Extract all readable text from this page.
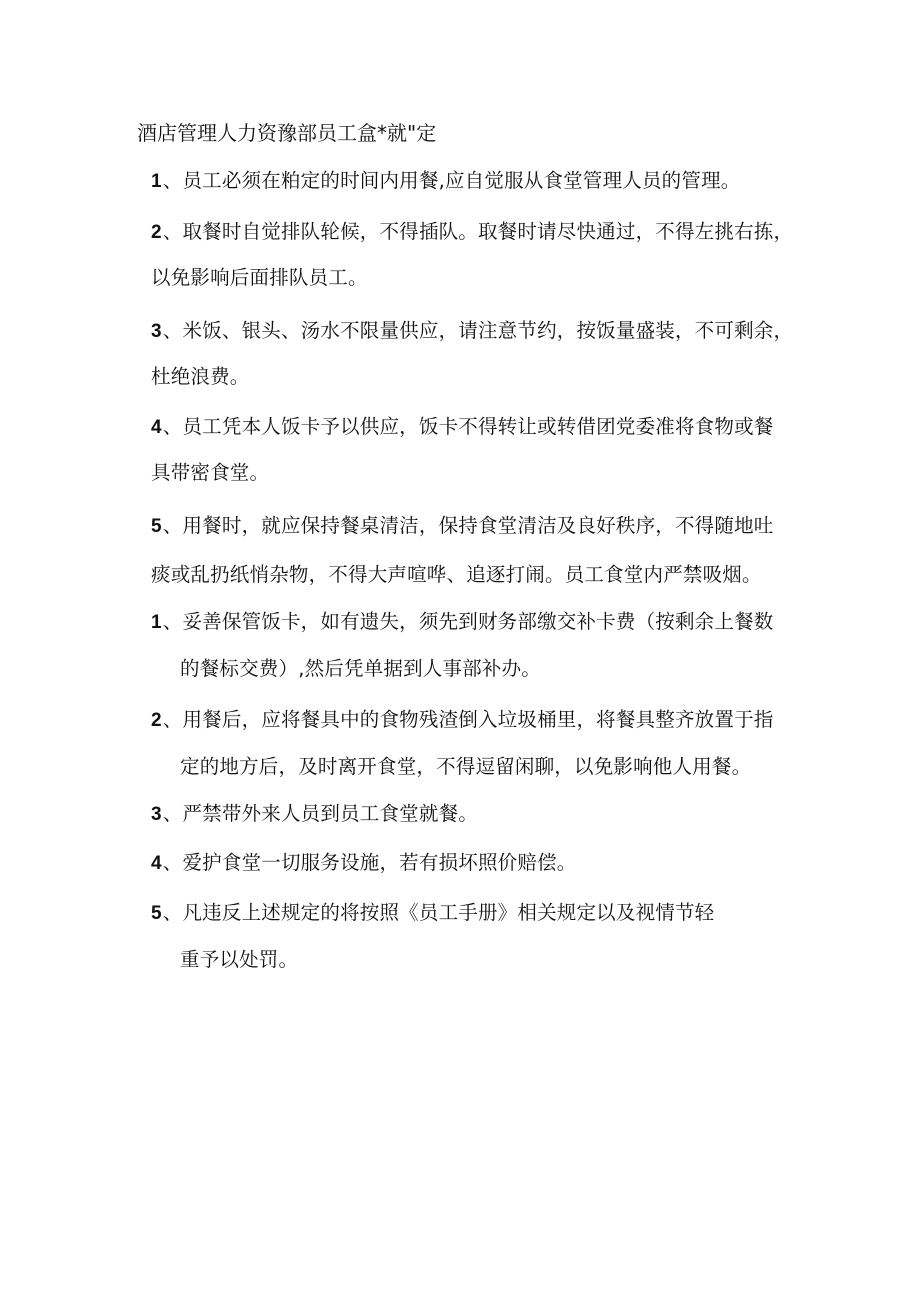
酒店管理人力资豫部员工盒*就"定
1、员工必须在粕定的时间内用餐,应自觉服从食堂管理人员的管理。
2、取餐时自觉排队轮候，不得插队。取餐时请尽快通过，不得左挑右拣，
以免影响后面排队员工。
3、米饭、银头、汤水不限量供应，请注意节约，按饭量盛装，不可剩余，
杜绝浪费。
4、员工凭本人饭卡予以供应，饭卡不得转让或转借团党委准将食物或餐
具带密食堂。
5、用餐时，就应保持餐桌清洁，保持食堂清洁及良好秩序，不得随地吐
痰或乱扔纸悄杂物，不得大声喧哗、追逐打闹。员工食堂内严禁吸烟。
1、妥善保管饭卡，如有遗失，须先到财务部缴交补卡费（按剩余上餐数
的餐标交费）,然后凭单据到人事部补办。
2、用餐后，应将餐具中的食物残渣倒入垃圾桶里，将餐具整齐放置于指
定的地方后，及时离开食堂，不得逗留闲聊，以免影响他人用餐。
3、严禁带外来人员到员工食堂就餐。
4、爱护食堂一切服务设施，若有损坏照价赔偿。
5、凡违反上述规定的将按照《员工手册》相关规定以及视情节轻
重予以处罚。
